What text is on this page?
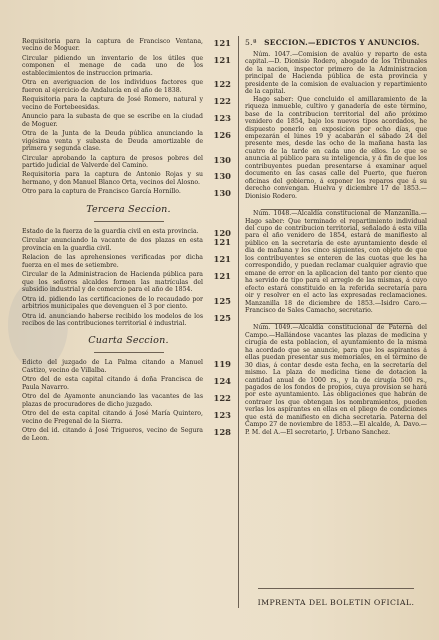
Requisitoria para la captura de Francisco Ventana, vecino de Moguer.
121
Circular pidiendo un inventario de los útiles que componen el menage de cada uno de los establecimientos de instruccion primaria.
121
Otra en averiguacion de los individuos factores que fueron al ejercicio de Andalucía en el año de 1838.
122
Requisitoria para la captura de José Romero, natural y vecino de Fortebeesidas.
122
Anuncio para la subasta de que se escribe en la ciudad de Moguer.
123
Otra de la Junta de la Deuda pública anunciando la vigésima venta y subasta de Deuda amortizable de primera y segunda clase.
126
Circular aprobando la captura de presos pobres del partido judicial de Valverde del Camino.
130
Requisitoria para la captura de Antonio Rojas y su hermano, y don Manuel Blanco Orta, vecinos del Alosno.
130
Otro para la captura de Francisco García Hornillo.	130
Tercera Seccion.
Estado de la fuerza de la guardia civil en esta provincia. 120
Circular anunciando la vacante de dos plazas en esta provincia en la guardia civil.
121
Relacion de las aprehensiones verificadas por dicha fuerza en el mes de setiembre.
121
Circular de la Administracion de Hacienda pública para que los señores alcaldes formen las matrículas del subsidio industrial y de comercio para el año de 1854.
121
Otra id. pidiendo las certificaciones de lo recaudado por arbitrios municipales que devenguen el 3 por ciento.
125
Otra id. anunciando haberse recibido los modelos de los recibos de las contribuciones territorial é industrial.
125
Cuarta Seccion.
Edicto del juzgado de La Palma citando a Manuel Castizo, vecino de Villalba.
119
Otro del de esta capital citando á doña Francisca de Paula Navarro.
124
Otro del de Ayamonte anunciando las vacantes de las plazas de procuradores de dicho juzgado.
122
Otro del de esta capital citando á José María Quintero, vecino de Fregenal de la Sierra.
123
Otro del id. citando á José Trigueros, vecino de Segura de Leon.
128
5.ª SECCION.—EDICTOS Y ANUNCIOS.

Núm. 1047.—Comision de avalúo y reparto de esta capital.—D. Dionisio Rodero, abogado de los Tribunales de la nacion, inspector primero de la Administracion principal de Hacienda pública de esta provincia y presidente de la comision de evaluacion y repartimiento de la capital.

Hago saber: Que concluido el amillaramiento de la riqueza inmueble, cultivo y ganadería de este término, base de la contribucion territorial del año próximo venidero de 1854, bajo los nuevos tipos acordados, he dispuesto ponerlo en exposicion por ocho días, que empezarán el lúnes 19 y acabarán el sábado 24 del presente mes, desde las ocho de la mañana hasta las cuatro de la tarde en cada uno de ellos. Lo que se anuncia al público para su inteligencia, y á fin de que los contribuyentes puedan presentarse á examinar aquel documento en las casas calle del Puerto, que fueron oficinas del gobierno, á exponer los reparos que á su derecho convengan. Huelva y diciembre 17 de 1853.—Dionisio Rodero.

Núm. 1048.—Alcaldía constitucional de Manzanilla.—Hago saber: Que terminado el repartimiento individual del cupo de contribucion territorial, señalado á esta villa para el año venidero de 1854, estará de manifiesto al público en la secretaría de este ayuntamiento desde el dia de mañana y los cinco siguientes, con objeto de que los contribuyentes se enteren de las cuotas que les ha correspondido, y puedan reclamar cualquier agravio que emane de error en la aplicacion del tanto por ciento que ha servido de tipo para el arreglo de las mismas, á cuyo efecto estará constituido en la referida secretaría para oir y resolver en el acto las expresadas reclamaciones. Manzanilla 18 de diciembre de 1853.—Isidro Caro.—Francisco de Sales Camacho, secretario.

Núm. 1049.—Alcaldía constitucional de Paterna del Campo.—Hallándose vacantes las plazas de medicina y cirugía de esta poblacion, el ayuntamiento de la misma ha acordado que se anuncie, para que los aspirantes á ellas puedan presentar sus memoriales, en el término de 30 dias, á contar desde esta fecha, en la secretaría del mismo. La plaza de medicina tiene de dotacion la cantidad anual de 1000 rs., y la de cirugía 500 rs., pagados de los fondos de propios, cuya provision se hará por este ayuntamiento. Las obligaciones que habrán de contraer los que obtengan los nombramientos, pueden verlas los aspirantes en ellas en el pliego de condiciones que está de manifiesto en dicha secretaría. Paterna del Campo 27 de noviembre de 1853.—El alcalde, A. Davo.—P. M. del A.—El secretario, J. Urbano Sanchez.

IMPRENTA DEL BOLETIN OFICIAL.
